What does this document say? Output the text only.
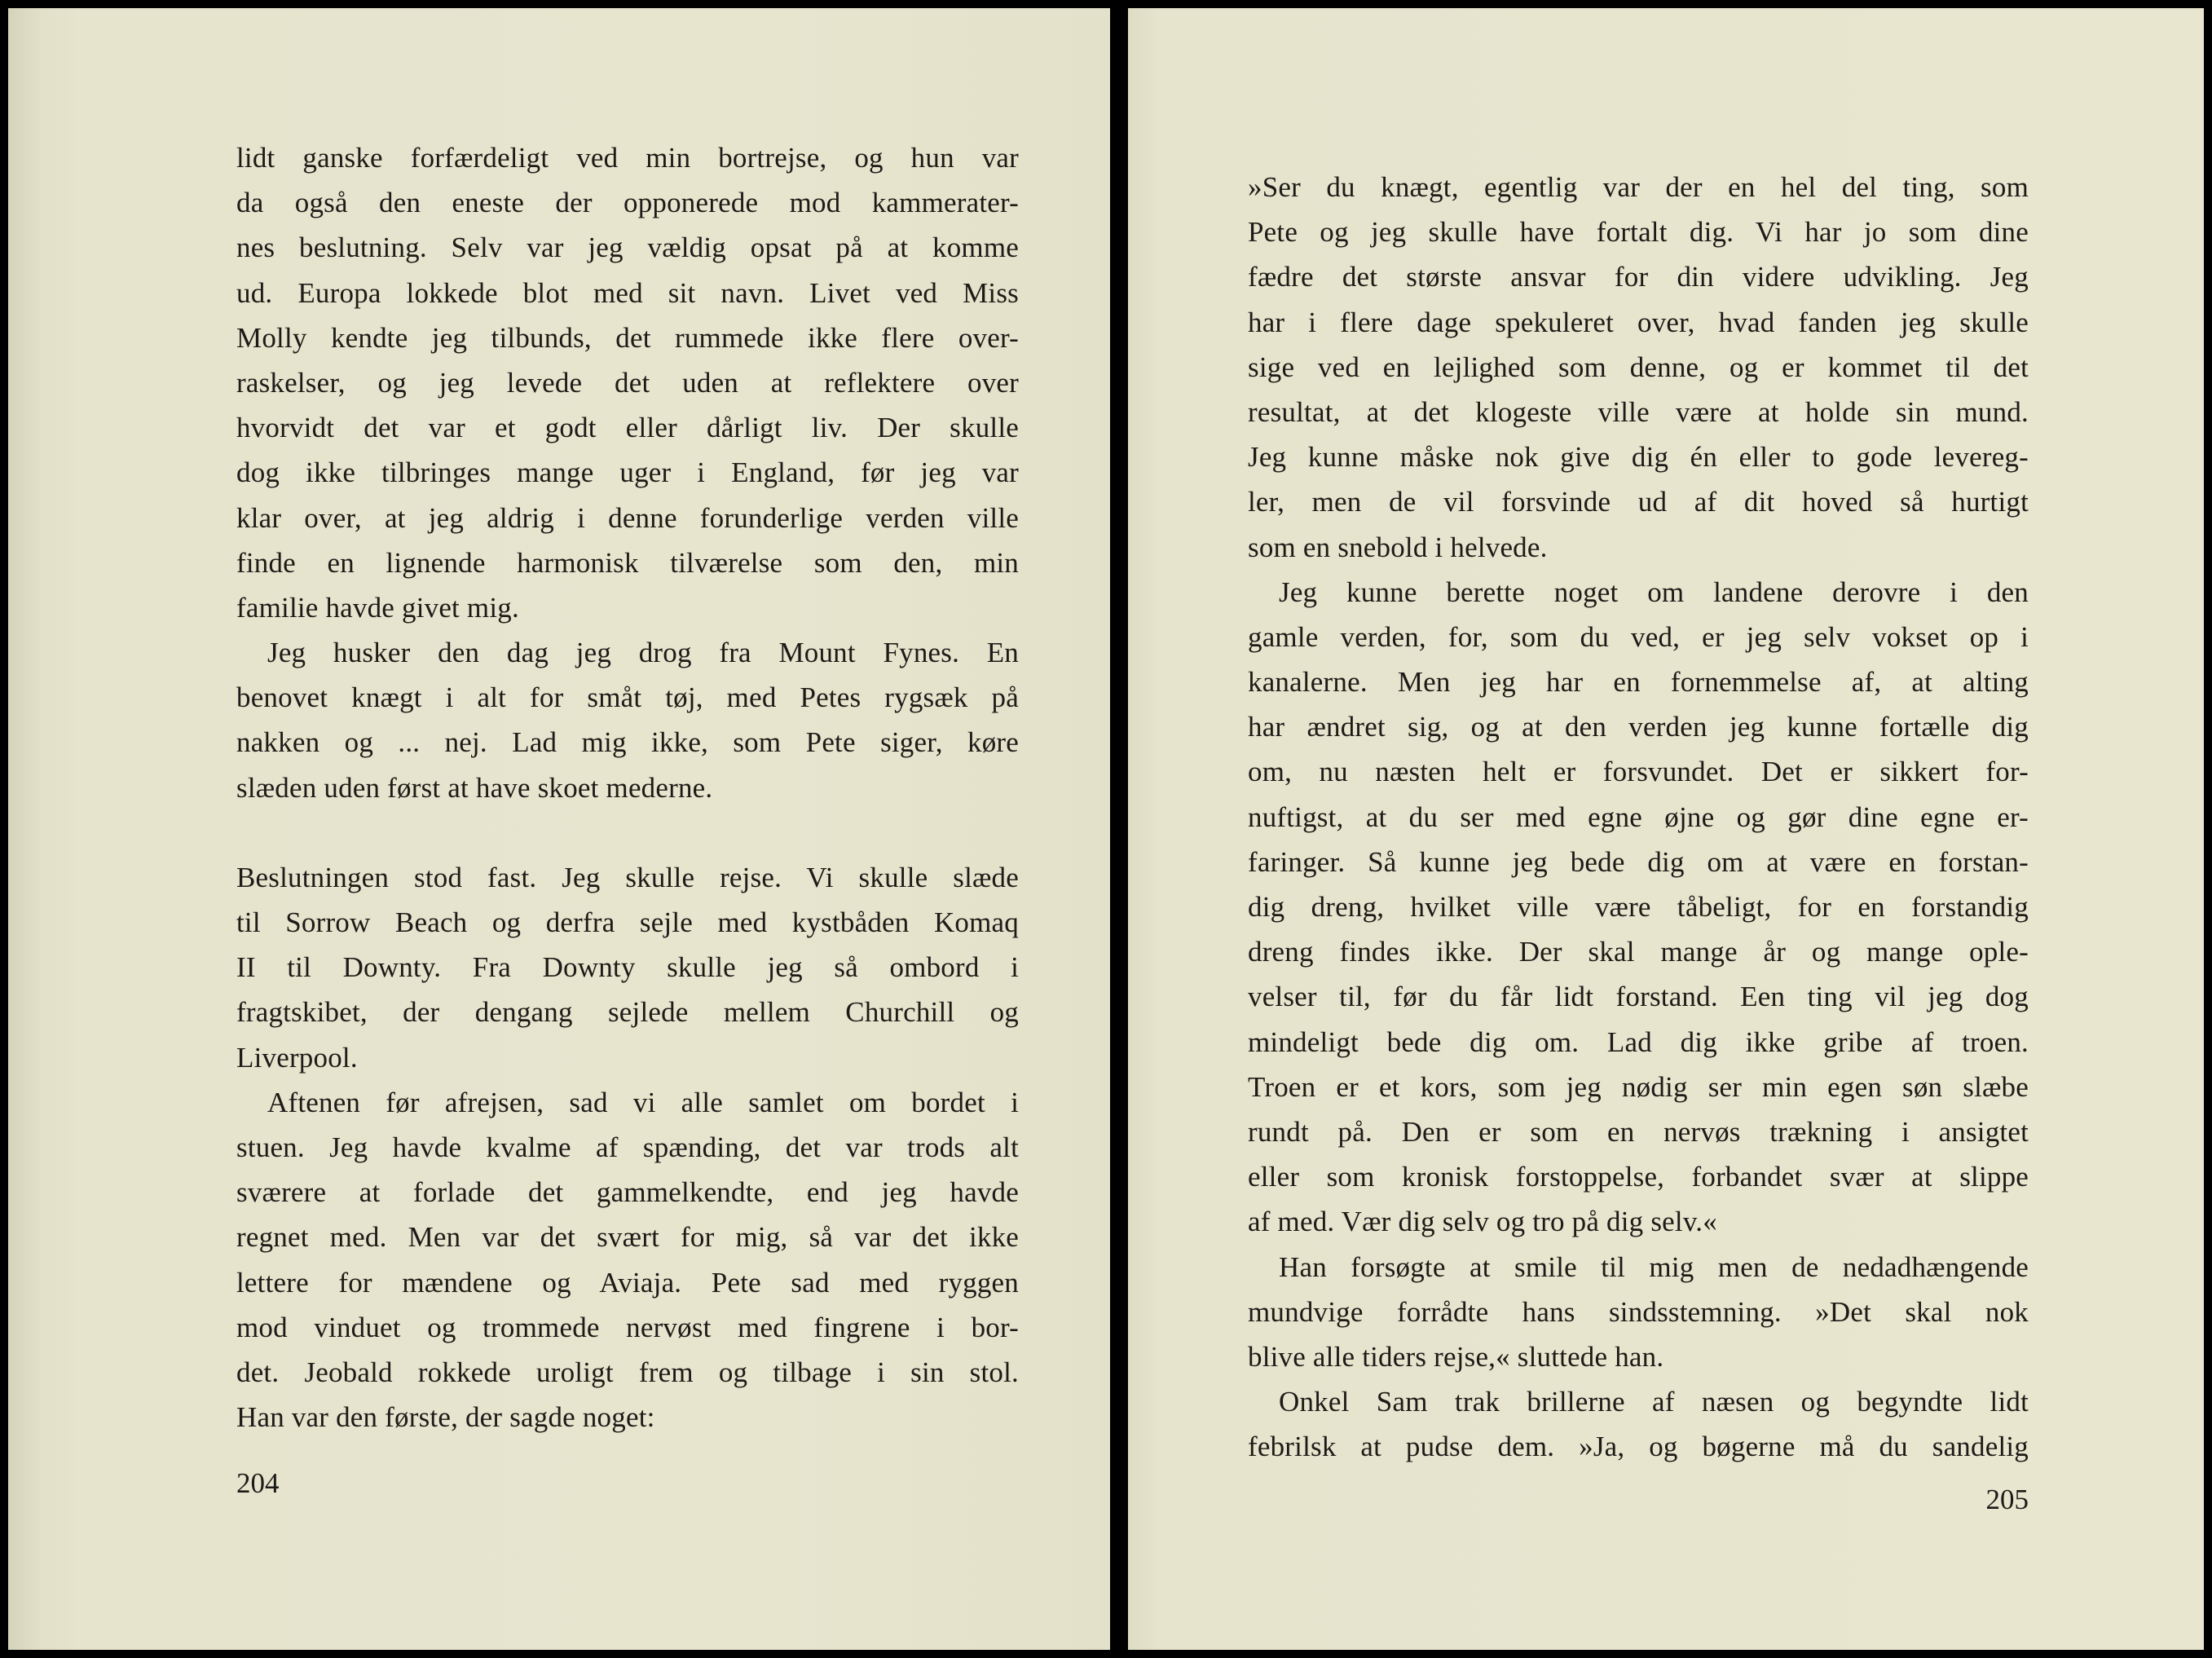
lidt ganske forfærdeligt ved min bortrejse, og hun var
da også den eneste der opponerede mod kammerater-
nes beslutning. Selv var jeg vældig opsat på at komme
ud. Europa lokkede blot med sit navn. Livet ved Miss
Molly kendte jeg tilbunds, det rummede ikke flere over-
raskelser, og jeg levede det uden at reflektere over
hvorvidt det var et godt eller dårligt liv. Der skulle
dog ikke tilbringes mange uger i England, før jeg var
klar over, at jeg aldrig i denne forunderlige verden ville
finde en lignende harmonisk tilværelse som den, min
familie havde givet mig.
Jeg husker den dag jeg drog fra Mount Fynes. En
benovet knægt i alt for småt tøj, med Petes rygsæk på
nakken og ... nej. Lad mig ikke, som Pete siger, køre
slæden uden først at have skoet mederne.
Beslutningen stod fast. Jeg skulle rejse. Vi skulle slæde
til Sorrow Beach og derfra sejle med kystbåden Komaq
II til Downty. Fra Downty skulle jeg så ombord i
fragtskibet, der dengang sejlede mellem Churchill og
Liverpool.
Aftenen før afrejsen, sad vi alle samlet om bordet i
stuen. Jeg havde kvalme af spænding, det var trods alt
sværere at forlade det gammelkendte, end jeg havde
regnet med. Men var det svært for mig, så var det ikke
lettere for mændene og Aviaja. Pete sad med ryggen
mod vinduet og trommede nervøst med fingrene i bor-
det. Jeobald rokkede uroligt frem og tilbage i sin stol.
Han var den første, der sagde noget:
204
»Ser du knægt, egentlig var der en hel del ting, som
Pete og jeg skulle have fortalt dig. Vi har jo som dine
fædre det største ansvar for din videre udvikling. Jeg
har i flere dage spekuleret over, hvad fanden jeg skulle
sige ved en lejlighed som denne, og er kommet til det
resultat, at det klogeste ville være at holde sin mund.
Jeg kunne måske nok give dig én eller to gode levereg-
ler, men de vil forsvinde ud af dit hoved så hurtigt
som en snebold i helvede.
Jeg kunne berette noget om landene derovre i den
gamle verden, for, som du ved, er jeg selv vokset op i
kanalerne. Men jeg har en fornemmelse af, at alting
har ændret sig, og at den verden jeg kunne fortælle dig
om, nu næsten helt er forsvundet. Det er sikkert for-
nuftigst, at du ser med egne øjne og gør dine egne er-
faringer. Så kunne jeg bede dig om at være en forstan-
dig dreng, hvilket ville være tåbeligt, for en forstandig
dreng findes ikke. Der skal mange år og mange ople-
velser til, før du får lidt forstand. Een ting vil jeg dog
mindeligt bede dig om. Lad dig ikke gribe af troen.
Troen er et kors, som jeg nødig ser min egen søn slæbe
rundt på. Den er som en nervøs trækning i ansigtet
eller som kronisk forstoppelse, forbandet svær at slippe
af med. Vær dig selv og tro på dig selv.«
Han forsøgte at smile til mig men de nedadhængende
mundvige forrådte hans sindsstemning. »Det skal nok
blive alle tiders rejse,« sluttede han.
Onkel Sam trak brillerne af næsen og begyndte lidt
febrilsk at pudse dem. »Ja, og bøgerne må du sandelig
205
